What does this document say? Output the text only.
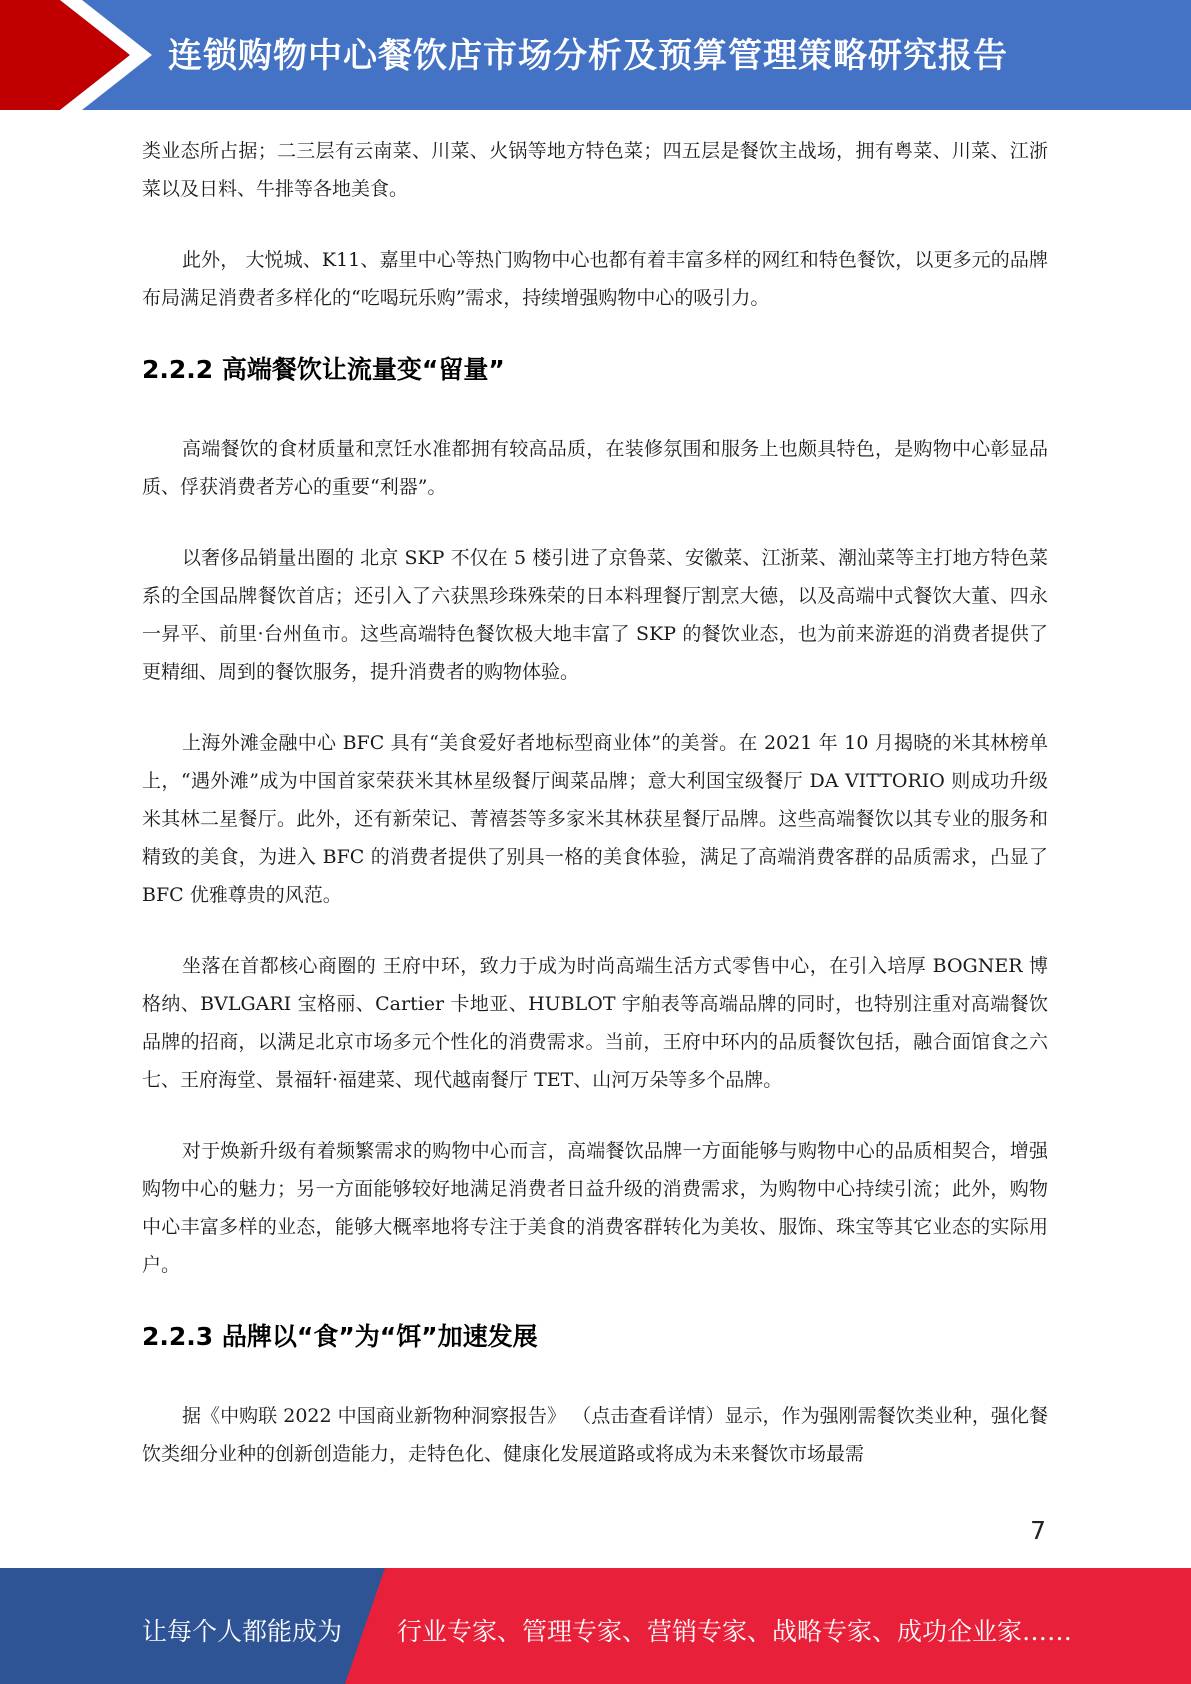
连锁购物中心餐饮店市场分析及预算管理策略研究报告

类业态所占据；二三层有云南菜、川菜、火锅等地方特色菜；四五层是餐饮主战场，拥有粤菜、川菜、江浙菜以及日料、牛排等各地美食。

此外， 大悦城、K11、嘉里中心等热门购物中心也都有着丰富多样的网红和特色餐饮，以更多元的品牌布局满足消费者多样化的“吃喝玩乐购”需求，持续增强购物中心的吸引力。

2.2.2 高端餐饮让流量变“留量”

高端餐饮的食材质量和烹饪水准都拥有较高品质，在装修氛围和服务上也颇具特色，是购物中心彰显品质、俘获消费者芳心的重要“利器”。

以奢侈品销量出圈的 北京 SKP 不仅在 5 楼引进了京鲁菜、安徽菜、江浙菜、潮汕菜等主打地方特色菜系的全国品牌餐饮首店；还引入了六获黑珍珠殊荣的日本料理餐厅割烹大德，以及高端中式餐饮大董、四永一昇平、前里·台州鱼市。这些高端特色餐饮极大地丰富了 SKP 的餐饮业态，也为前来游逛的消费者提供了更精细、周到的餐饮服务，提升消费者的购物体验。

上海外滩金融中心 BFC 具有“美食爱好者地标型商业体”的美誉。在 2021 年 10 月揭晓的米其林榜单上，“遇外滩”成为中国首家荣获米其林星级餐厅闽菜品牌；意大利国宝级餐厅 DA VITTORIO 则成功升级米其林二星餐厅。此外，还有新荣记、菁禧荟等多家米其林获星餐厅品牌。这些高端餐饮以其专业的服务和精致的美食，为进入 BFC 的消费者提供了别具一格的美食体验，满足了高端消费客群的品质需求，凸显了 BFC 优雅尊贵的风范。

坐落在首都核心商圈的 王府中环，致力于成为时尚高端生活方式零售中心，在引入培厚 BOGNER 博格纳、BVLGARI 宝格丽、Cartier 卡地亚、HUBLOT 宇舶表等高端品牌的同时，也特别注重对高端餐饮品牌的招商，以满足北京市场多元个性化的消费需求。当前，王府中环内的品质餐饮包括，融合面馆食之六七、王府海堂、景福轩·福建菜、现代越南餐厅 TET、山河万朵等多个品牌。

对于焕新升级有着频繁需求的购物中心而言，高端餐饮品牌一方面能够与购物中心的品质相契合，增强购物中心的魅力；另一方面能够较好地满足消费者日益升级的消费需求，为购物中心持续引流；此外，购物中心丰富多样的业态，能够大概率地将专注于美食的消费客群转化为美妆、服饰、珠宝等其它业态的实际用户。

2.2.3 品牌以“食”为“饵”加速发展

据《中购联 2022 中国商业新物种洞察报告》 （点击查看详情）显示，作为强刚需餐饮类业种，强化餐饮类细分业种的创新创造能力，走特色化、健康化发展道路或将成为未来餐饮市场最需

7
让每个人都能成为 行业专家、管理专家、营销专家、战略专家、成功企业家……
